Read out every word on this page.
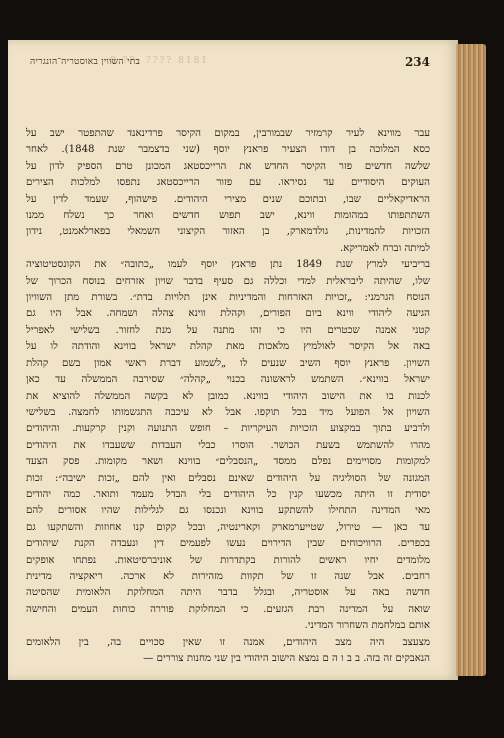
8 ??. ???? 8181	234
בתי השווין באוסטריה־הונגריה

עבר מווינא לעיר קרמזיר שבמורבין, במקום הקיסר פרדינאנד שהתפטר ישב על
כסא המלוכה בן דודו הצעיר פראנץ יוסף (שני בדצמבר שנת 1848). לאחר
שלשה חדשים פזר הקיסר החדש את הרייכסטאג המכונן טרם הספיק לדון על
העוקים היסודיים עד נסיראו. עם פזור הרייכסטאג נתפסו למלכות הצירים
הראדיקאליים שבו, ובתוכם שנים מצירי היהודים. פישהוף, שעמד לדין על
השתתפותו במהומות ווינא, ישב תפוש חדשים ואחר כך נשלח ממנו
הזכויות להמדינות, גולדמארק, בן האזור הקיצוני השמאלי בפארלאמנט, נידון
למיתה וברח לאמריקא.

בריביעי למרץ שנת 1849 נתן פראנץ יוסף לעמו „כתובה״ את הקונסטיטוציה
שלו, שהיתה ליבראלית למדי וכללה גם סעיף בדבר שויון אזרחים בנוסח הכרוך של
הנוסח הגרמני: „זכויות האזרחות והמדיניות אינן תלויות בדת״. בשורת מתן השוויון
הגיעה ליהודי ווינא ביום הפורים, וקהלת ווינא צהלה ושמחה. אבל היו גם
קטני אמנה שכטרים היו כי זהו מתנה על מנת לחזור. בשלישי לאפריל
באה אל הקיסר לאולמיץ מלאכות מאת קהלת ישראל בווינא והודתה לו על
השויון. פראנץ יוסף השיב שנעים לו „לשמוע דברת ראשי אמון בשם קהלת
ישראל בווינא״. השתמש לראשונה בכנוי „קהלה״ שסירבה הממשלה עד כאן
לכנות בו את הישוב היהודי בווינא. כמובן לא בקשה הממשלה להוציא את
השויון אל הפועל מיד בכל תוקפו. אבל לא עיכבה התגשמותו לחמצה. בשלישי
ולרביע בתוך במקצוע הזכויות העיקריות – חופש התנועה וקנין קרקעות. והיהודים
מהרו להשתמש בשעת הכושר. הוסרו כבלי העבדות ששעבדו את היהודים
למקומות מסויימים נפלם ממסד „הנסבלים״ בווינא ושאר מקומות. פסק הצעד
המגונה של הסוליגיה על היהודים שאינם נסבלים ואין להם „זכות ישיבה״: זכות
יסודית זו היתה מכשעו קנין כל היהודים בלי הבדל מעמד ותואר. כמה יהודים
מאי המדינה התחילו להשתקע בווינא ונכנסו גם לגלילות שהיו אסורים להם
עד כאן — טירול, שטייערמארק וקארינטיה, ובכל קקום קנו אחוזות והשתקעו גם
בכפרים. הרוויכוחים שבין הדירוים נעשו לפעמים דין ונעבדה הקנת שיהודים
מלומדים יחיו ראשים להורות בקתדרות של אוניברסיטאות. נפתחו אופקים
רחבים. אבל שנה זו של תקוות מזהירות לא ארכה. ריאקציה מדינית
חדשה באה על אוסטריה, ובגלל בדבר היתה המחלוקת הלאומית שהסיטה
שואה על המדינה רבת הגזעים. כי המחלוקת פוררה כוחות העמים והחישה
אותם במלחמת השחרור המדיני.

מצעצב היה מצב היהודים, אמנה זו שאין סכויים בה, בין הלאומים
הנאבקים זה בזה. ב ב ו ה ם נמצא הישוב היהודי בין שני מחנות צוררים —
